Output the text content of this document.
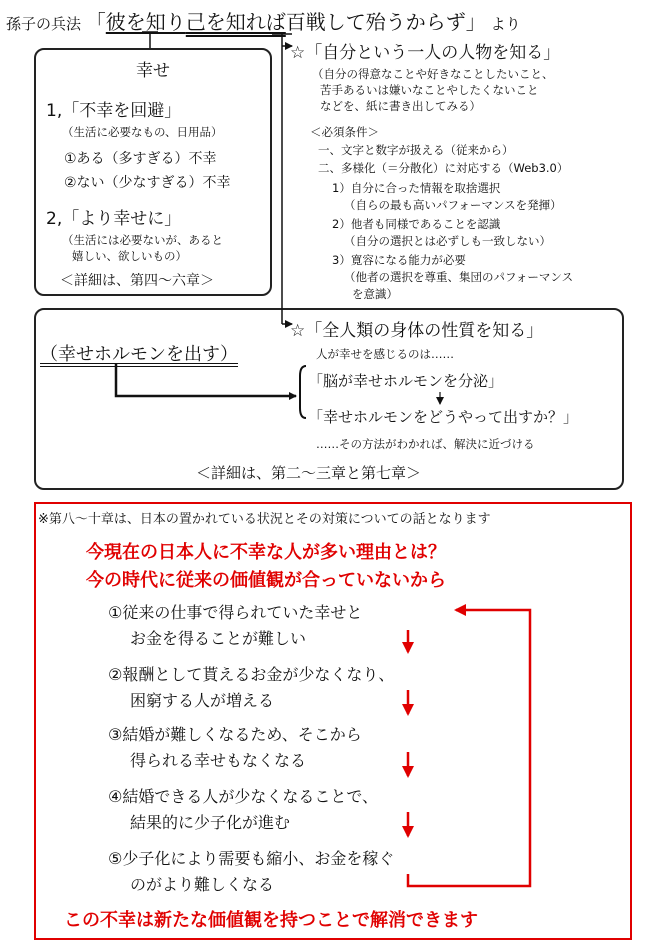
孫子の兵法 「彼を知り己を知れば百戦して殆うからず」 より
幸せ
1,「不幸を回避」
（生活に必要なもの、日用品）
①ある（多すぎる）不幸
②ない（少なすぎる）不幸
2,「より幸せに」
（生活には必要ないが、あると
嬉しい、欲しいもの）
＜詳細は、第四～六章＞
☆「自分という一人の人物を知る」
（自分の得意なことや好きなことしたいこと、
苦手あるいは嫌いなことやしたくないこと
などを、紙に書き出してみる）
＜必須条件＞
一、文字と数字が扱える（従来から）
二、多様化（＝分散化）に対応する（Web3.0）
1）自分に合った情報を取捨選択
（自らの最も高いパフォーマンスを発揮）
2）他者も同様であることを認識
（自分の選択とは必ずしも一致しない）
3）寛容になる能力が必要
（他者の選択を尊重、集団のパフォーマンス
を意識）
（幸せホルモンを出す）
☆「全人類の身体の性質を知る」
人が幸せを感じるのは……
「脳が幸せホルモンを分泌」
「幸せホルモンをどうやって出すか？」
……その方法がわかれば、解決に近づける
＜詳細は、第二～三章と第七章＞
※第八～十章は、日本の置かれている状況とその対策についての話となります
今現在の日本人に不幸な人が多い理由とは？
今の時代に従来の価値観が合っていないから
①従来の仕事で得られていた幸せと
お金を得ることが難しい
②報酬として貰えるお金が少なくなり、
困窮する人が増える
③結婚が難しくなるため、そこから
得られる幸せもなくなる
④結婚できる人が少なくなることで、
結果的に少子化が進む
⑤少子化により需要も縮小、お金を稼ぐ
のがより難しくなる
この不幸は新たな価値観を持つことで解消できます
